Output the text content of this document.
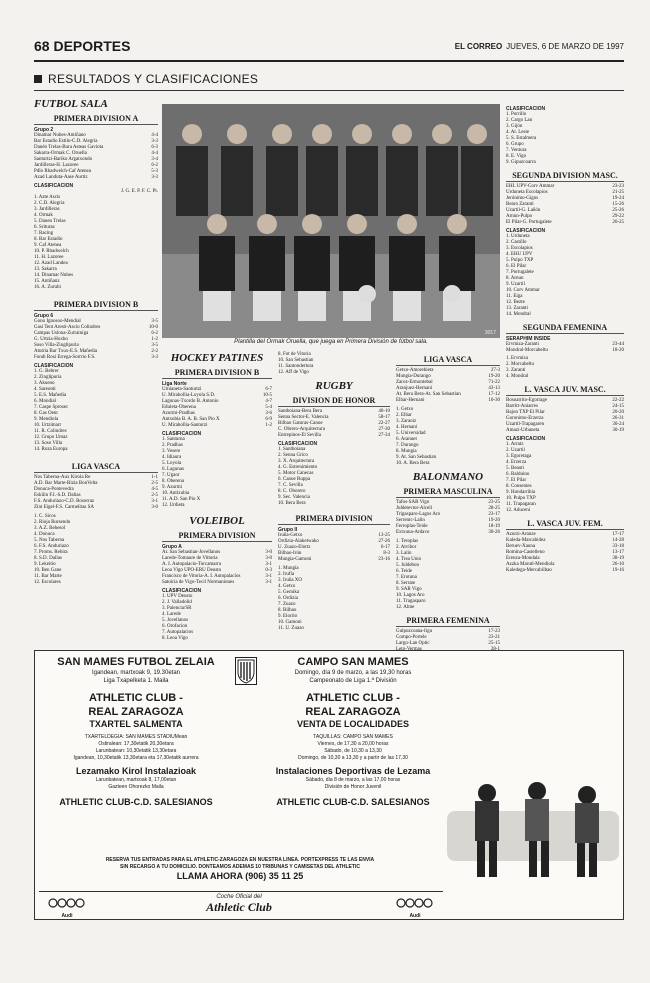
68 DEPORTES	EL CORREO JUEVES, 6 DE MARZO DE 1997
RESULTADOS Y CLASIFICACIONES
FUTBOL SALA
PRIMERA DIVISION A
Grupo 2
Dinamar Nubes-Antiñano	4-4
Bar Estadio Estilo-C.D. Alegria	3-3
Danén Trelas-Bura Asteas Gaviota	6-3
Sakarra-Ormak C. Oruella	4-4
Santurtzi-Bariko Argatxondo	3-4
Jardilleras-H. Lazoree	6-2
Pdlo Rhadwelch-Caf Atenea	5-3
Azad Landuta-Aase Aurtiz	3-3
CLASIFICACION
J. G. E. P. F. C. Pt.
1. Azte Ascis
2. C.D. Alegria
3. Jardilleras
4. Ormak
5. Danen Trelas
6. Srituraz
7. Racing
8. Bar Estadio
9. Caf Atenea
10. P. Rhadwelch
11. H. Lazoree
12. Azad Landea
13. Sakarra
14. Dinamar Nubes
15. Antiñanz
16. A. Zurubi
PRIMERA DIVISION B
Grupo 6
Gono Ignosoo-Mendial	3-5
Gasi Tent Aresti-Ascio Colindres	10-0
Campas Uslona-Zurrainiga	6-2
G. Urtzia-Hoxho	1-2
Soso Villa-Zinglipuria	3-5
Atutria Bar Txux-E.S. Mañedia	2-2
Fondi Rosi Errega-Sorrrio F.S.	3-3
CLASIFICACION
1. G. Bebrer
2. Zinglipuria
3. Akueno
4. Sareonti
5. E.S. Mañedia
6. Mondial
7. Caspe Sprosec
8. Gas Oent
9. Mendiola
10. Urtzimarr
11. R. Colindres
12. Grupo Umaz
13. Soso Villa
14. Roza Europa
LIGA VASCA
Nos Taberna-Aux Kirola Re	1-1
A.D. Bar Marte-Bizia BonVelta	2-5
Donuca-Pontevedra	4-5
Eskilin F.I.-S.D. Dalias	2-5
F.S. Anduriazo-C.D. Bosorraz	3-1
Zint Eigel-F.S. Carmelitas SA	3-0
1. C. Sicos
2. Rioja Bursendo
3. A.Z. Behesol
4. Donuca
5. Nos Taberna
6. F.S. Anduriazo
7. Proms. Rebira
8. S.D. Dallas
9. Lekeitio
10. Ben Gane
11. Bar Marte
12. Escolares
3017
Plantilla del Ormak Oruella, que juega en Primera División de fútbol sala.
HOCKEY PATINES
PRIMERA DIVISION B
Liga Norte
Urnianeta-Santurtzi	6-7
U. Mirahollia-Loyola S.D.	10-5
Lagunas-Txordo B. Antonio	4-7
Eduleta-Oberena	5-4
Azurmi-Pradhas	3-6
Antxubia B. A. B. San Pio X	6-9
U. Mirahollia-Santurzi	1-2
CLASIFICACION
1. Santurna
2. Pradhas
3. Vesere
4. Idiaura
5. Loyola
6. Lagunas
7. Ugaor
8. Oberena
9. Azurmi
10. Antixubia
11. A.D. San Pio X
12. Urdieta
VOLEIBOL
PRIMERA DIVISION
Grupo A
Ar. San Sebastian-Jovellanos	3-0
Larede-Tomaure de Vittoria	3-0
A. I. Autopalacio-Torcamarra	3-1
Leoa Vigo UPO-ERU Deusto	0-3
Francisco de Vitoria-A. I. Autopalacios	3-1
Satoiria de Vigo-Tecil Normaniones	3-1
CLASIFICACION
1. UPV Deusto
2. J. Valladolid
3. Palencia/SR
4. Larede
5. Jovellanos
6. Orofacion
7. Autopalacios
8. Leoa Vigo
8. Fot de Vitoria
10. San Sebastian
11. Santondertura
12. Aff de Vigo
RUGBY
DIVISION DE HONOR
Santboiana-Bera Bera	40-10
Senna Sector-E. Valencia	58-17
Bilbao Gaturas-Canoe	22-27
C. Obrero-Arquitectura	27-30
Entrepinos-El Sevilla	27-34
CLASIFICACION
1. Santboiana
2. Senna Grico
3. X. Arquitectura
4. G. Estrenimiento
5. Motor Canecas
6. Canoe Ruppa
7. C. Sevilla
8. C. Oborero
9. Sec. Valencia
10. Bera Bera
PRIMERA DIVISION
Grupo II
Iruña-Getxo	13-25
Ordizia-Alaketwako	27-26
U. Zuazo-Elortz	6-17
Bilbao-Irún	8-3
Mungia-Gamoni	23-16
1. Mungia
2. Irufía
3. Iruña XO
4. Getxo
5. Gernika
6. Ordizia
7. Zuazo
8. Bilbao
9. Elorrio
10. Gamoni
11. U. Zuazo
LIGA VASCA
Getxo-Amorebieta	27-3
Mungia-Durango	19-20
Zaroz-Ermontebal	71-22
Aranjuez-Hernani	43-13
At. Bera Bera-At. San Sebastian	17-12
Elbar-Hernani	10-30
1. Getxo
2. Elbar
3. Zaraoiz
4. Hernani
5. Universidad
6. Aranuet
7. Durango
8. Mungia
9. At. San Sebastian
10. A. Bera Bera
BALONMANO
PRIMERA MASCULINA
Tafos-SAR Vigo	23-25
Juldetevtor-Alcell	28-25
Trigasparo-Lagos Aro	23-17
Serrentc-Lalin	19-20
Ferroplas-Teide	18-19
Extxuna-Ardavo	30-26
1. Teroplas
2. Atvibor
3. Lalin
4. Trea Unio
5. Juldebon
6. Teide
7. Erotuna
8. Serrate
9. SAR Vigo
10. Lagos Aro
11. Tragasparo
12. Alme
PRIMERA FEMENINA
Gulpuzcoana-Iigu	17-23
Compo-Portele	23-21
Largo-Lan Optic	25-15
CLASIFICACION
1. Porrillo
2. Cargo Lan
3. Gijón
4. At. Leste
5. S. Estalmera
6. Grupo
7. Ventura
8. E. Vigo
9. Gipuzcoarra
SEGUNDA DIVISION MASC.
EHL UPV-Corv Ammar	23-23
Urduneta Escolapios	21-25
Jerónimo-Gigos	19-24
Bearo Zaranti	15-26
Uzartil-G. Lañón	25-26
Arnun-Pulpo	29-22
El Pilar-G. Portugalete	26-25
CLASIFICACION
1. Urduneta
2. Castillo
3. Escolapios
4. EHU UPV
5. Pulpo TXP
6. El Pilar
7. Portugalete
8. Arnun
9. Uzartil
10. Corv Ammar
11. Eiga
12. Bezte
13. Zaranti
14. Mondral
SEGUNDA FEMENINA
SERAPHIM INSIDE
Ervmiza-Zaranti	23-44
Mondral-Morcabeltu	18-20
1. Ervmiza
2. Morcabeltu
3. Zaranti
4. Mondral
L. VASCA JUV. MASC.
Bosoarrito-Egorrage	22-22
Barritt-Aniarres	24-15
Bajon TXP El Pilar	20-20
Goronimo-Erzerza	26-31
Uzartil-Trapagaren	30-24
Amazi-Urbaneta	30-19
CLASIFICACION
1. Arratz
2. Uzartil
3. Egoretaga
4. Erzerza
5. Beauti
6. Balduino
7. El Pilar
8. Consentes
9. Hondarribia
10. Pulpo TXP
11. Trapagaran
12. Aduceni
L. VASCA JUV. FEM.
Azurzi-Aranze	17-17
Kaleda-Marcabidea	14-28
Beruev-Xauna	33-18
Romina-Castelleno	13-17
Erenzu-Mondala	38-19
Azzka Marutl-Mendiola	26-10
Kaledega-Mercabilbao	19-16
SAN MAMES FUTBOL ZELAIA
Igandean, martxoak 9, 19.30etan
Liga Txapelketa 1. Maila
ATHLETIC CLUB -
REAL ZARAGOZA
TXARTEL SALMENTA
TXARTELDEGIA: SAN MAMES STADIUMean
Ostiralean: 17,30etatik 20,30etara
Larunbatean: 10,30etatik 13,30etara
Igandean, 10,30etatik 13,30etara eta 17,30etatik aurrera
Lezamako Kirol Instalazioak
Larunbatean, martxoak 8, 17,00etan
Gazteen Ohorezko Maila
ATHLETIC CLUB-C.D. SALESIANOS
CAMPO SAN MAMES
Domingo, día 9 de marzo, a las 19,30 horas
Campeonato de Liga 1.ª División
ATHLETIC CLUB -
REAL ZARAGOZA
VENTA DE LOCALIDADES
TAQUILLAS: CAMPO SAN MAMES
Viernes, de 17,30 a 20,00 horas
Sábado, de 10,30 a 13,30
Domingo, de 10,30 a 13,30 y a partir de las 17,30
Instalaciones Deportivas de Lezama
Sábado, día 8 de marzo, a las 17,00 horas
División de Honor Juvenil
ATHLETIC CLUB-C.D. SALESIANOS
RESERVA TUS ENTRADAS PARA EL ATHLETIC-ZARAGOZA EN NUESTRA LINEA. PORTEXPRESS TE LAS ENVIA
SIN RECARGO A TU DOMICILIO. DONTEAMOS ADEMAS 10 TRIBUNAS Y CAMISETAS DEL ATHLETIC
LLAMA AHORA (906) 35 11 25
Audi
Coche Oficial del
Athletic Club
Audi
